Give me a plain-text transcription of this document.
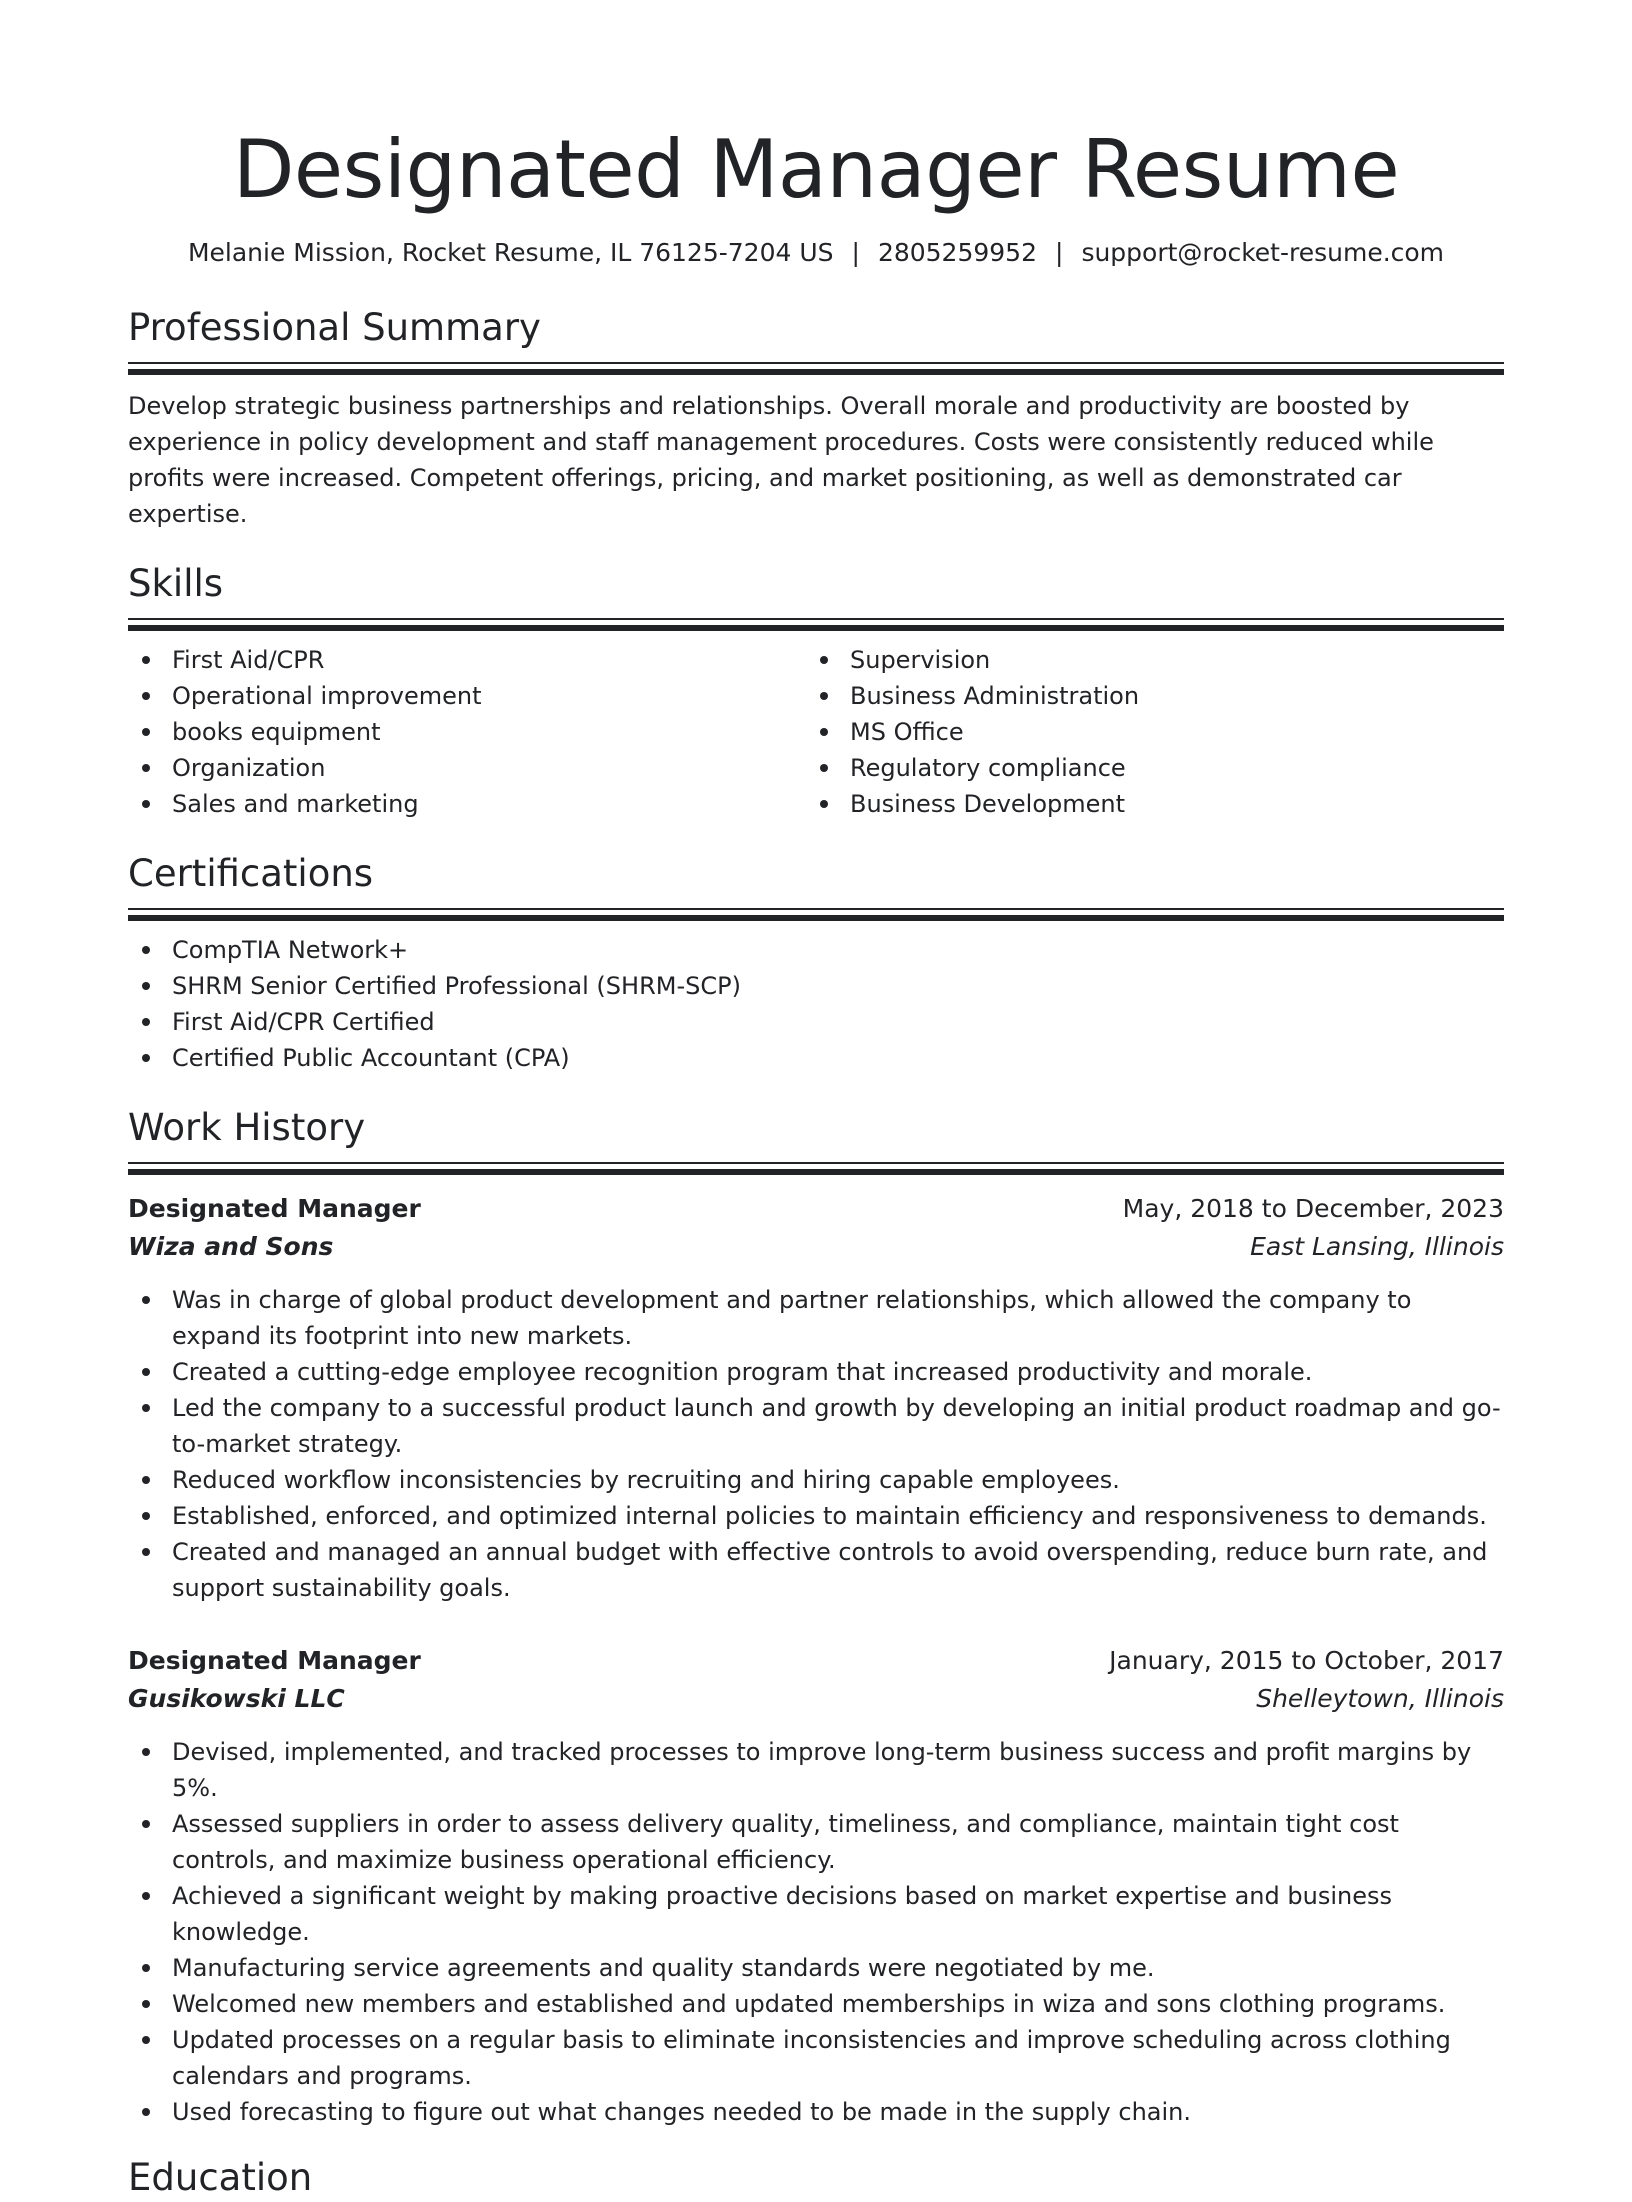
Designated Manager Resume
Melanie Mission, Rocket Resume, IL 76125-7204 US | 2805259952 | support@rocket-resume.com
Professional Summary

Develop strategic business partnerships and relationships. Overall morale and productivity are boosted by experience in policy development and staff management procedures. Costs were consistently reduced while profits were increased. Competent offerings, pricing, and market positioning, as well as demonstrated car expertise.

Skills
First Aid/CPR
Operational improvement
books equipment
Organization
Sales and marketing
Supervision
Business Administration
MS Office
Regulatory compliance
Business Development
Certifications
CompTIA Network+
SHRM Senior Certified Professional (SHRM-SCP)
First Aid/CPR Certified
Certified Public Accountant (CPA)
Work History
Designated Manager	May, 2018 to December, 2023
Wiza and Sons	East Lansing, Illinois
Was in charge of global product development and partner relationships, which allowed the company to expand its footprint into new markets.
Created a cutting-edge employee recognition program that increased productivity and morale.
Led the company to a successful product launch and growth by developing an initial product roadmap and go-to-market strategy.
Reduced workflow inconsistencies by recruiting and hiring capable employees.
Established, enforced, and optimized internal policies to maintain efficiency and responsiveness to demands.
Created and managed an annual budget with effective controls to avoid overspending, reduce burn rate, and support sustainability goals.
Designated Manager	January, 2015 to October, 2017
Gusikowski LLC	Shelleytown, Illinois
Devised, implemented, and tracked processes to improve long-term business success and profit margins by 5%.
Assessed suppliers in order to assess delivery quality, timeliness, and compliance, maintain tight cost controls, and maximize business operational efficiency.
Achieved a significant weight by making proactive decisions based on market expertise and business knowledge.
Manufacturing service agreements and quality standards were negotiated by me.
Welcomed new members and established and updated memberships in wiza and sons clothing programs.
Updated processes on a regular basis to eliminate inconsistencies and improve scheduling across clothing calendars and programs.
Used forecasting to figure out what changes needed to be made in the supply chain.
Education
